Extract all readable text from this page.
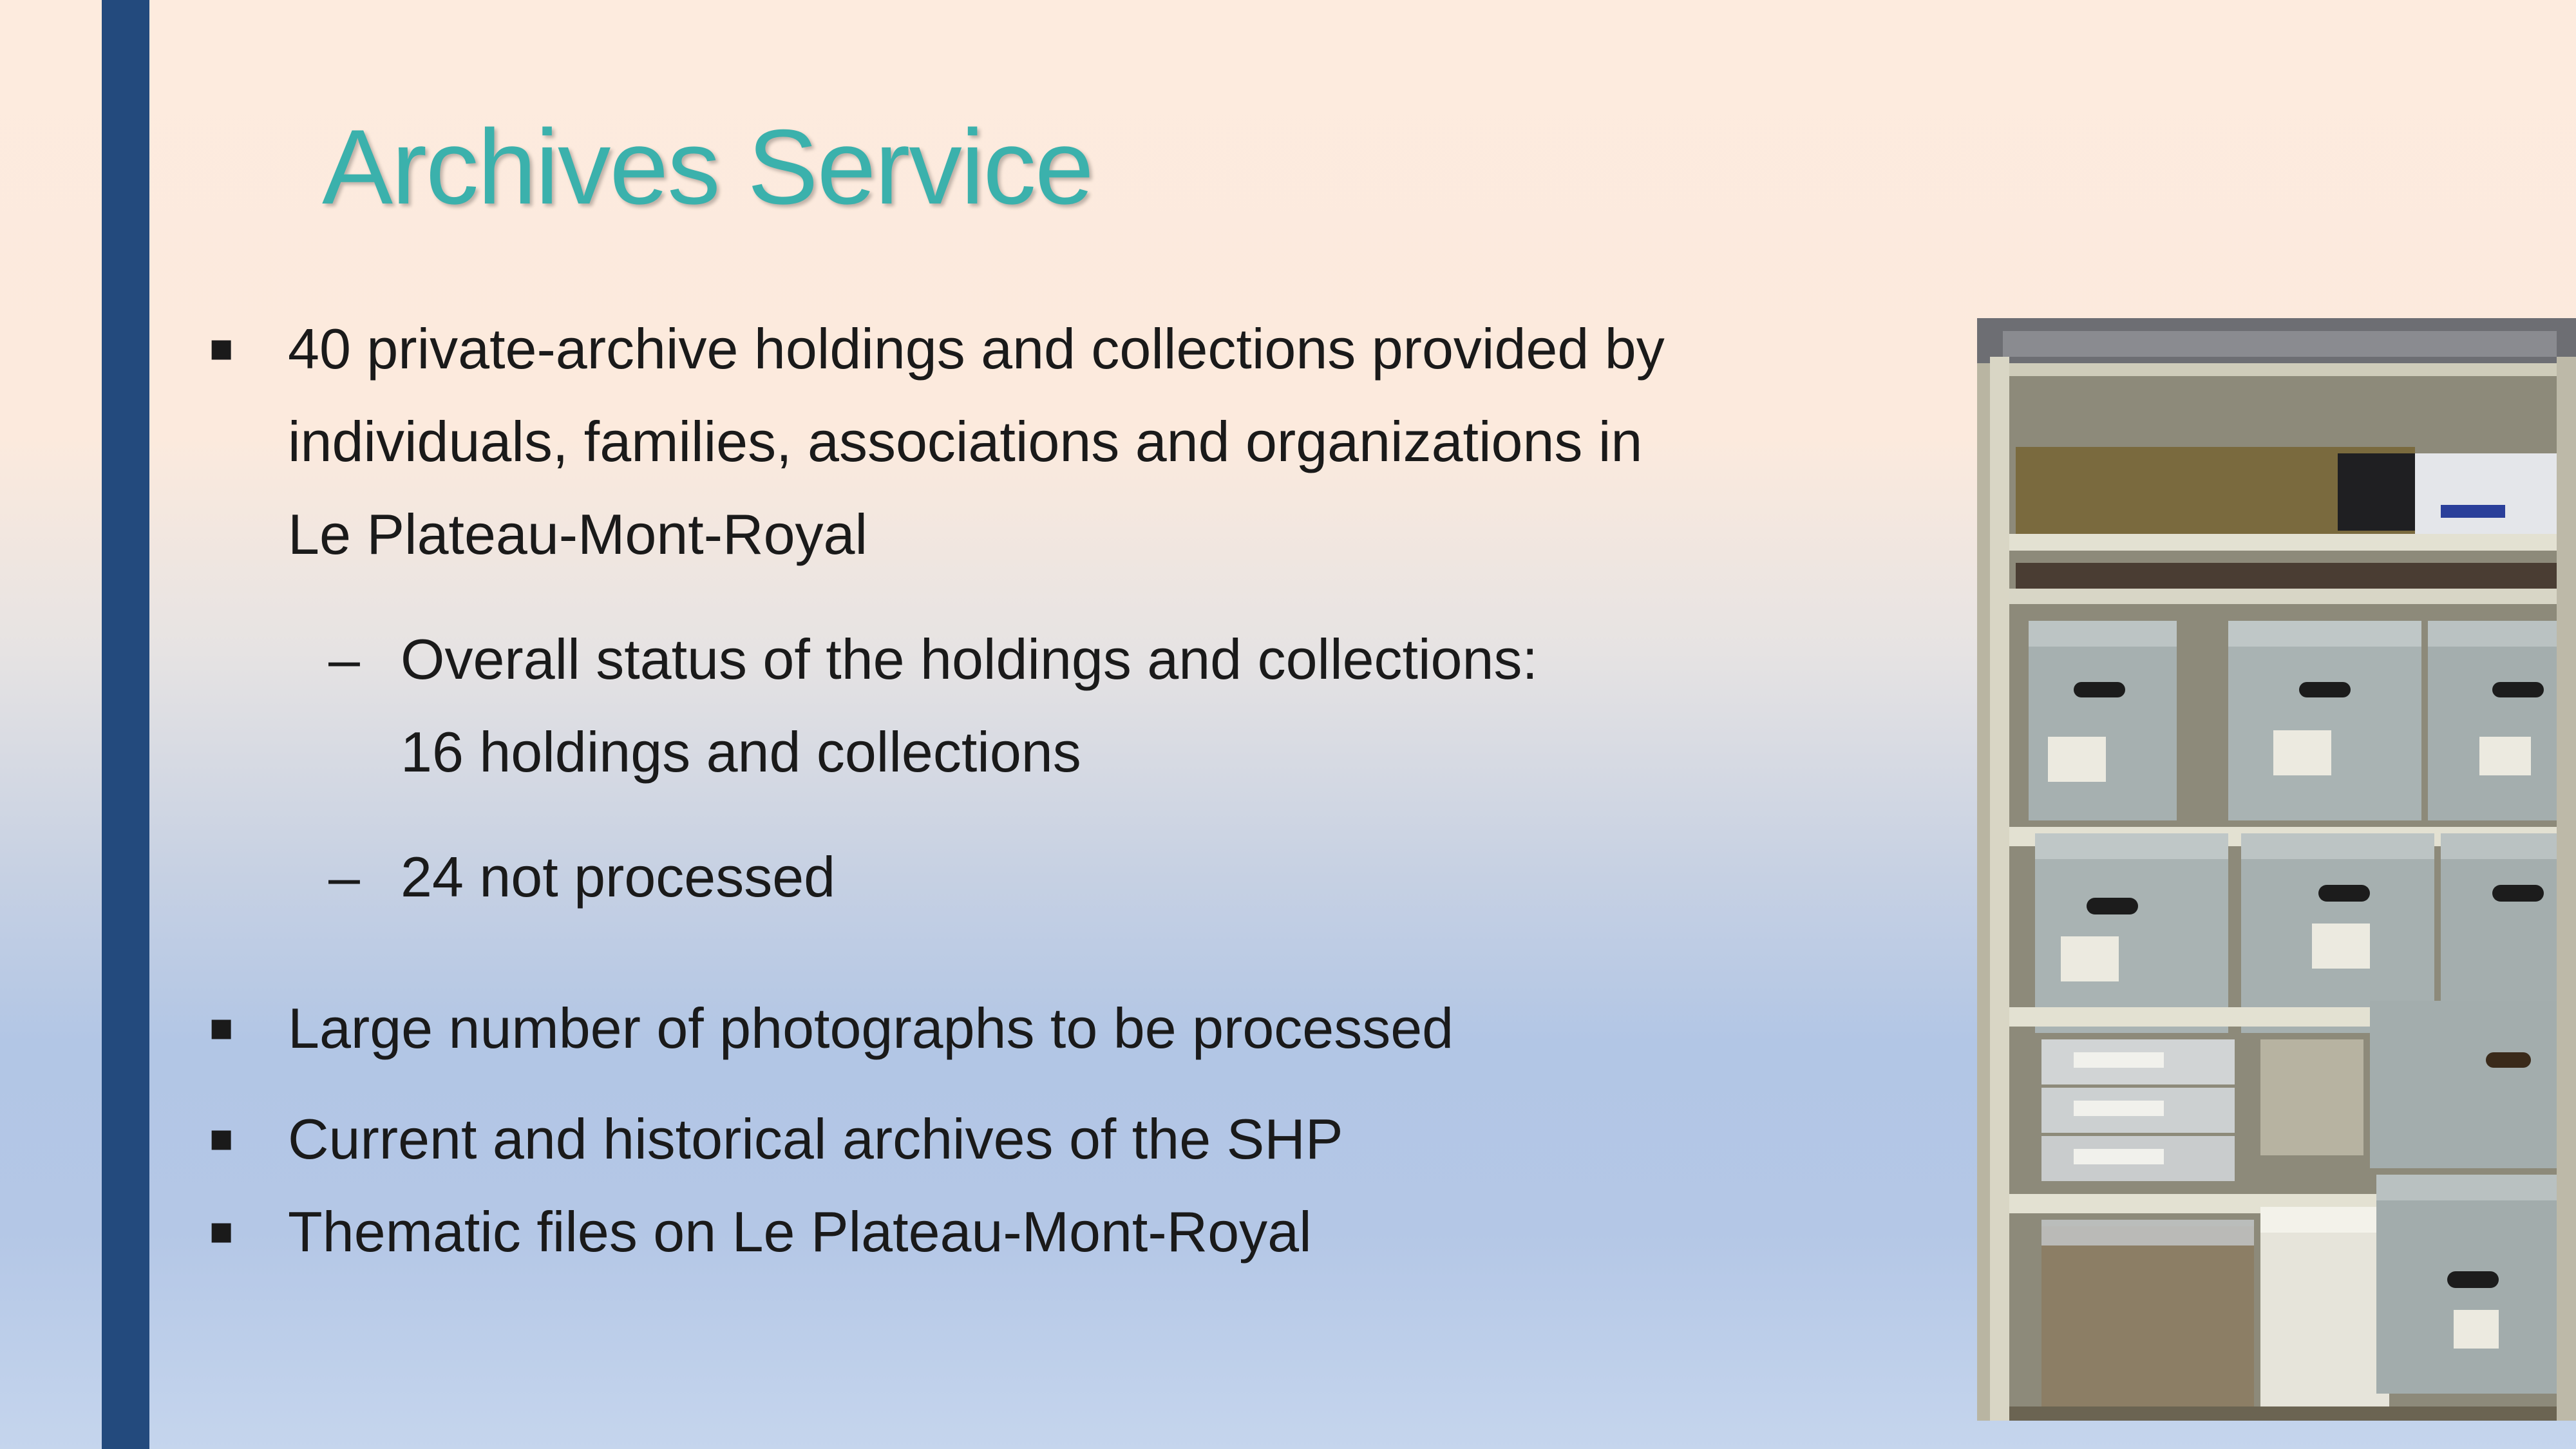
Archives Service
■ 40 private-archive holdings and collections provided by
individuals, families, associations and organizations in
Le Plateau-Mont-Royal
– Overall status of the holdings and collections:
16 holdings and collections
– 24 not processed
■ Large number of photographs to be processed
■ Current and historical archives of the SHP
■ Thematic files on Le Plateau-Mont-Royal
